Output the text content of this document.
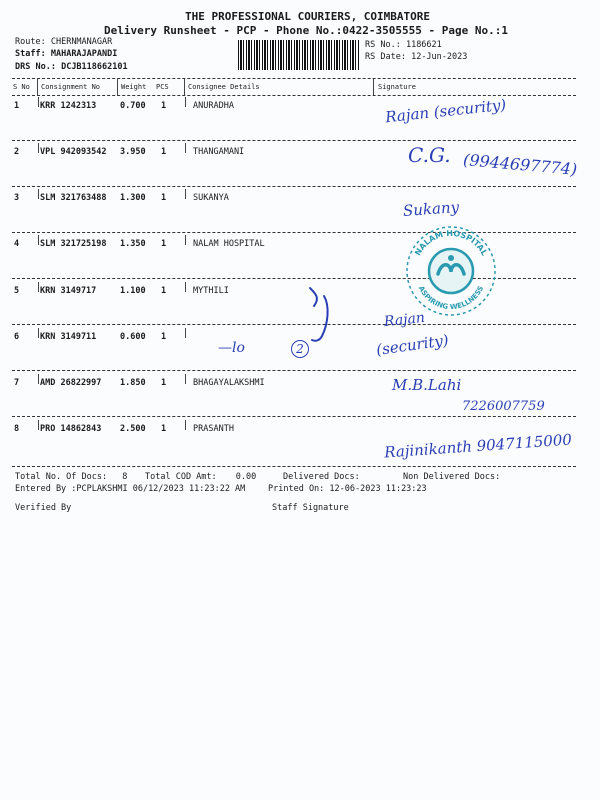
THE PROFESSIONAL COURIERS, COIMBATORE
Delivery Runsheet - PCP - Phone No.:0422-3505555 - Page No.:1
Route: CHERNMANAGAR
Staff: MAHARAJAPANDI
DRS No.: DCJB118662101
RS No.: 1186621
RS Date: 12-Jun-2023
S No Consignment No	Weight PCS	Consignee Details	Signature
1 KRR 1242313	0.700 1	ANURADHA
2 VPL 942093542 3.950 1	THANGAMANI
3 SLM 321763488 1.300 1	SUKANYA
4 SLM 321725198 1.350 1	NALAM HOSPITAL
5 KRN 3149717	1.100 1	MYTHILI
6 KRN 3149711	0.600 1
7 AMD 26822997 1.850 1	BHAGAYALAKSHMI
8 PRO 14862843 2.500 1	PRASANTH
Rajan (security)
C.G. (9944697774)
Sukany
NALAM HOSPITAL
ASPIRING WELLNESS
Rajan
(security)
—lo	2
M.B.Lahi
7226007759
Rajinikanth 9047115000
Total No. Of Docs: 8 Total COD Amt: 0.00	Delivered Docs:	Non Delivered Docs:
Entered By :PCPLAKSHMI 06/12/2023 11:23:22 AM	Printed On: 12-06-2023 11:23:23
Verified By	Staff Signature
